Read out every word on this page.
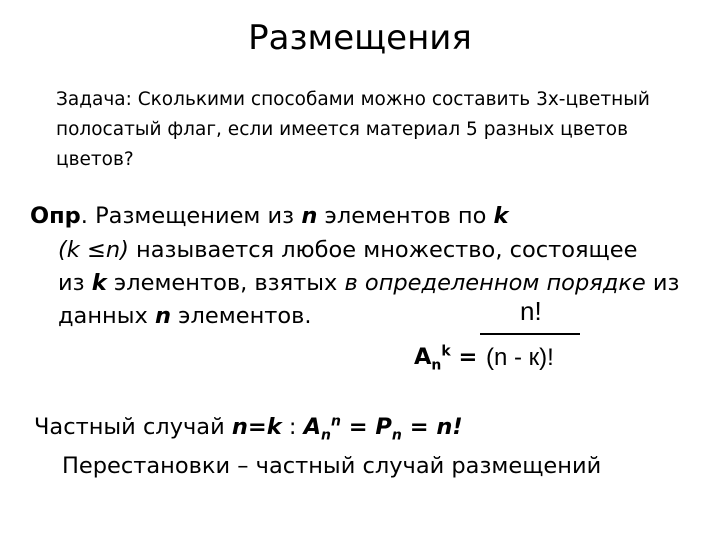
Размещения
Задача: Сколькими способами можно составить 3х-цветный
полосатый флаг, если имеется материал 5 разных цветов
цветов?
Опр. Размещением из n элементов по k
(k ≤n) называется любое множество, состоящее
из k элементов, взятых в определенном порядке из
данных n элементов.	n!
(n - к)!
$A_n^k$ =
Частный случай n=k : $A_n^n = P_n = n$!
Перестановки – частный случай размещений
